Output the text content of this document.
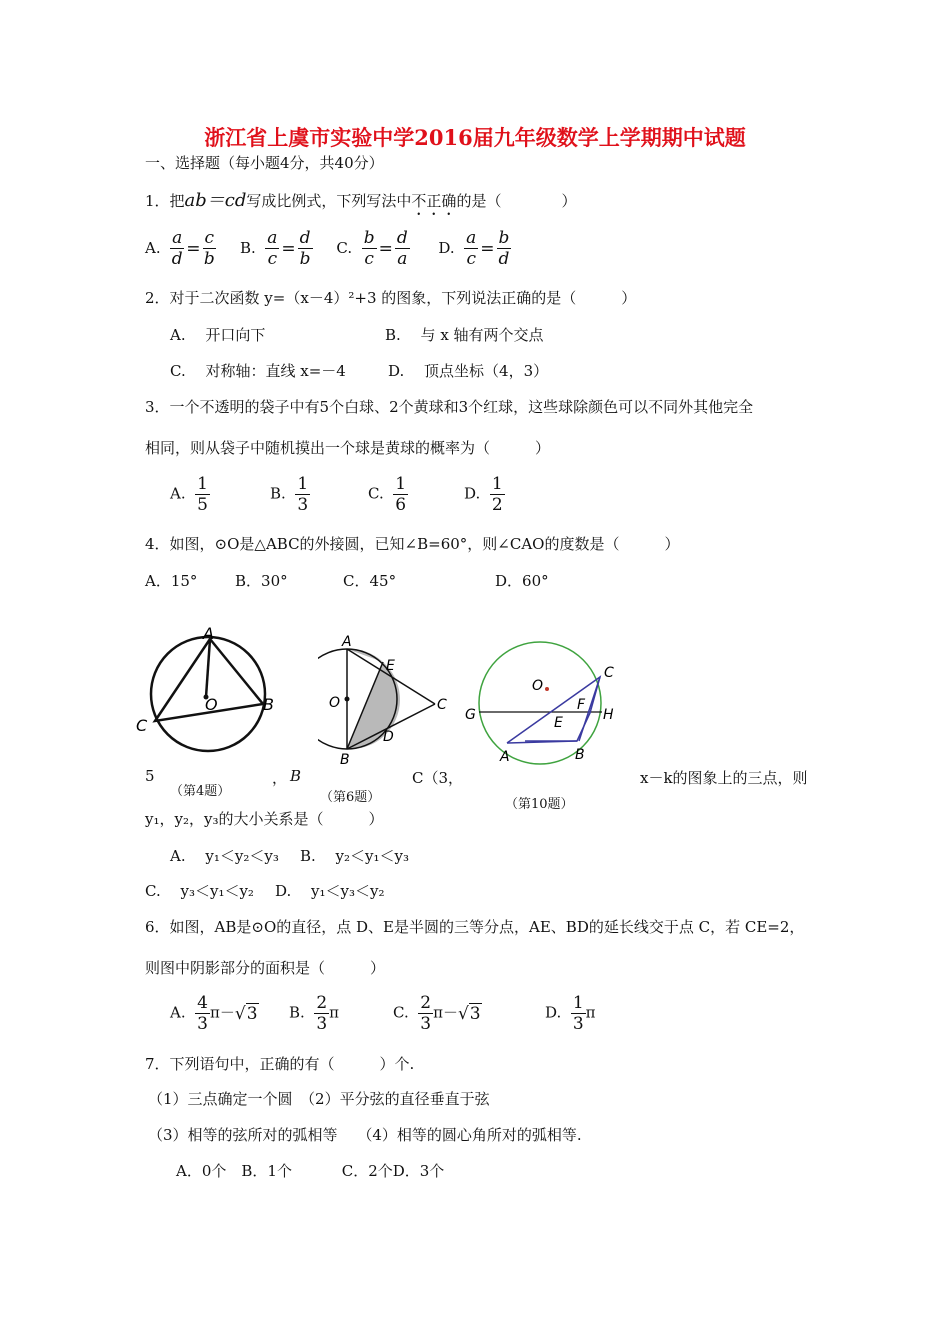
浙江省上虞市实验中学2016届九年级数学上学期期中试题
一、选择题（每小题4分，共40分）
1．把ab＝cd写成比例式，下列写法中不正确的是（　　　　）
A. $\frac{a}{d} = \frac{c}{b} B$. $\frac{a}{c} = \frac{d}{b} C$. $\frac{b}{c} = \frac{d}{a} D$. $\frac{a}{c} = \frac{b}{d}$
2．对于二次函数 y=（x－4）²+3 的图象，下列说法正确的是（　　　）
A.　 开口向下	B.　 与 x 轴有两个交点
C.　 对称轴：直线 x=－4	D.　 顶点坐标（4，3）
3．一个不透明的袋子中有5个白球、2个黄球和3个红球，这些球除颜色可以不同外其他完全
相同，则从袋子中随机摸出一个球是黄球的概率为（　　　）
A. $\frac{1}{5}$	B. $\frac{1}{3}$	C. $\frac{1}{6}$	D. $\frac{1}{2}$
4．如图，⊙O是△ABC的外接圆，已知∠B=60°，则∠CAO的度数是（　　　）
A．15°	B．30°	C．45°	D．60°
A
B
C
O
（第4题）
A
B
C
D
E
O
（第6题）
O
C
G	H
E
F
A	B
（第10题）
5	， B	C（3，	x－k的图象上的三点，则
y₁，y₂，y₃的大小关系是（　　　）
A.　 y₁＜y₂＜y₃ B.　 y₂＜y₁＜y₃
C.　 y₃＜y₁＜y₂ D.　 y₁＜y₃＜y₂
6．如图，AB是⊙O的直径，点 D、E是半圆的三等分点，AE、BD的延长线交于点 C，若 CE=2，
则图中阴影部分的面积是（　　　）
A. $\frac{4}{3} \pi-√3$ B. $\frac{2}{3}$ π	C. $\frac{2}{3} \pi-√3$	D. $\frac{1}{3}$ π
7．下列语句中，正确的有（　　　）个.
（1）三点确定一个圆　（2）平分弦的直径垂直于弦
（3）相等的弦所对的弧相等　 （4）相等的圆心角所对的弧相等.
A．0个　B．1个　　　 C．2个D．3个
